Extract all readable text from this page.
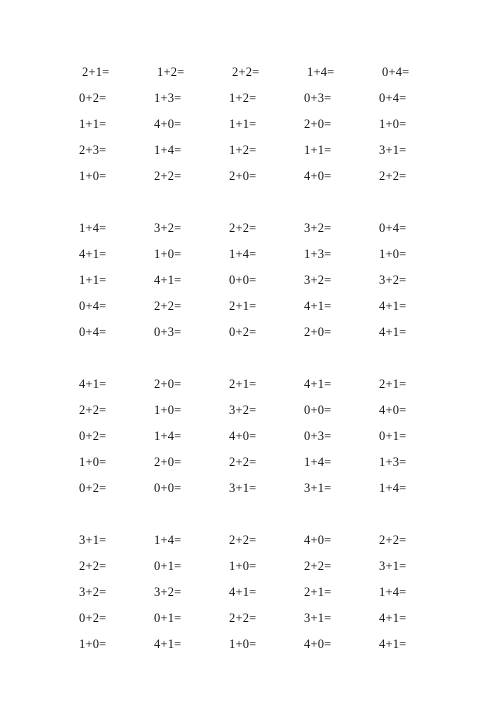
2+1=	1+2=	2+2=	1+4=	0+4=
0+2=	1+3=	1+2=	0+3=	0+4=
1+1=	4+0=	1+1=	2+0=	1+0=
2+3=	1+4=	1+2=	1+1=	3+1=
1+0=	2+2=	2+0=	4+0=	2+2=
1+4=	3+2=	2+2=	3+2=	0+4=
4+1=	1+0=	1+4=	1+3=	1+0=
1+1=	4+1=	0+0=	3+2=	3+2=
0+4=	2+2=	2+1=	4+1=	4+1=
0+4=	0+3=	0+2=	2+0=	4+1=
4+1=	2+0=	2+1=	4+1=	2+1=
2+2=	1+0=	3+2=	0+0=	4+0=
0+2=	1+4=	4+0=	0+3=	0+1=
1+0=	2+0=	2+2=	1+4=	1+3=
0+2=	0+0=	3+1=	3+1=	1+4=
3+1=	1+4=	2+2=	4+0=	2+2=
2+2=	0+1=	1+0=	2+2=	3+1=
3+2=	3+2=	4+1=	2+1=	1+4=
0+2=	0+1=	2+2=	3+1=	4+1=
1+0=	4+1=	1+0=	4+0=	4+1=
